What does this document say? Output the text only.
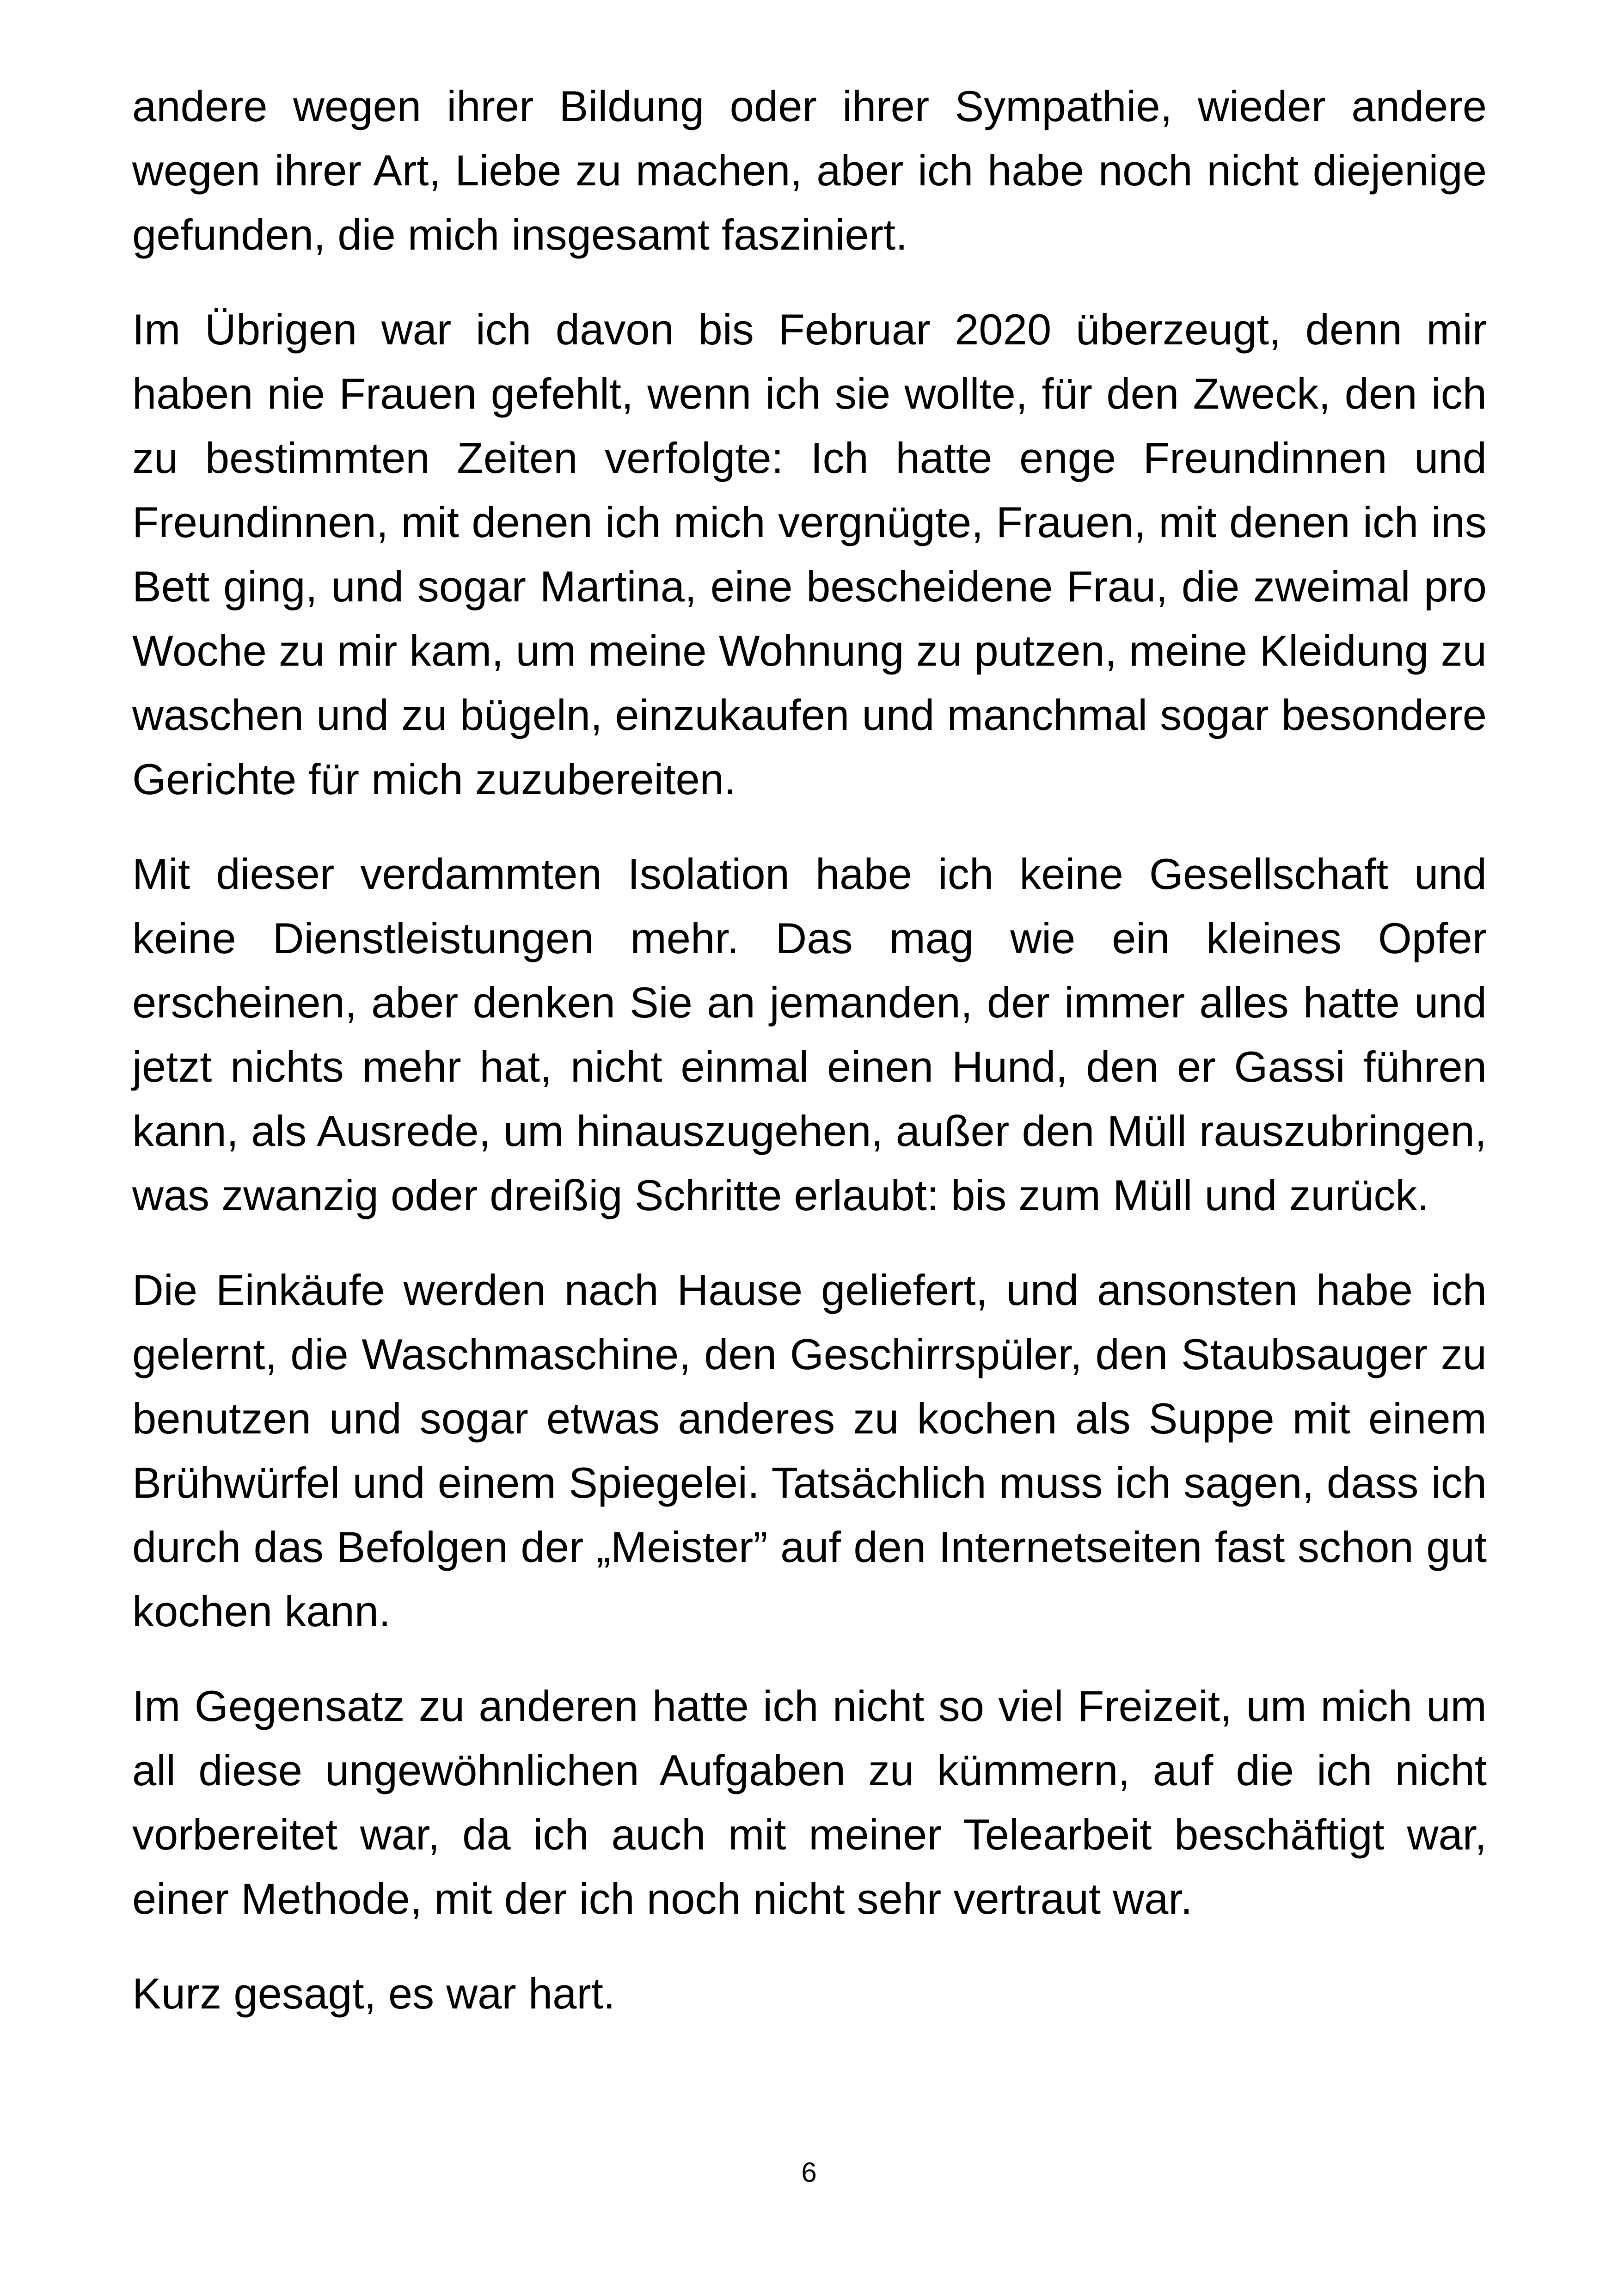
andere wegen ihrer Bildung oder ihrer Sympathie, wieder andere wegen ihrer Art, Liebe zu machen, aber ich habe noch nicht diejenige gefunden, die mich insgesamt fasziniert.

Im Übrigen war ich davon bis Februar 2020 überzeugt, denn mir haben nie Frauen gefehlt, wenn ich sie wollte, für den Zweck, den ich zu bestimmten Zeiten verfolgte: Ich hatte enge Freundinnen und Freundinnen, mit denen ich mich vergnügte, Frauen, mit denen ich ins Bett ging, und sogar Martina, eine bescheidene Frau, die zweimal pro Woche zu mir kam, um meine Wohnung zu putzen, meine Kleidung zu waschen und zu bügeln, einzukaufen und manchmal sogar besondere Gerichte für mich zuzubereiten.

Mit dieser verdammten Isolation habe ich keine Gesellschaft und keine Dienstleistungen mehr. Das mag wie ein kleines Opfer erscheinen, aber denken Sie an jemanden, der immer alles hatte und jetzt nichts mehr hat, nicht einmal einen Hund, den er Gassi führen kann, als Ausrede, um hinauszugehen, außer den Müll rauszubringen, was zwanzig oder dreißig Schritte erlaubt: bis zum Müll und zurück.

Die Einkäufe werden nach Hause geliefert, und ansonsten habe ich gelernt, die Waschmaschine, den Geschirrspüler, den Staubsauger zu benutzen und sogar etwas anderes zu kochen als Suppe mit einem Brühwürfel und einem Spiegelei. Tatsächlich muss ich sagen, dass ich durch das Befolgen der „Meister” auf den Internetseiten fast schon gut kochen kann.

Im Gegensatz zu anderen hatte ich nicht so viel Freizeit, um mich um all diese ungewöhnlichen Aufgaben zu kümmern, auf die ich nicht vorbereitet war, da ich auch mit meiner Telearbeit beschäftigt war, einer Methode, mit der ich noch nicht sehr vertraut war.

Kurz gesagt, es war hart.

6
